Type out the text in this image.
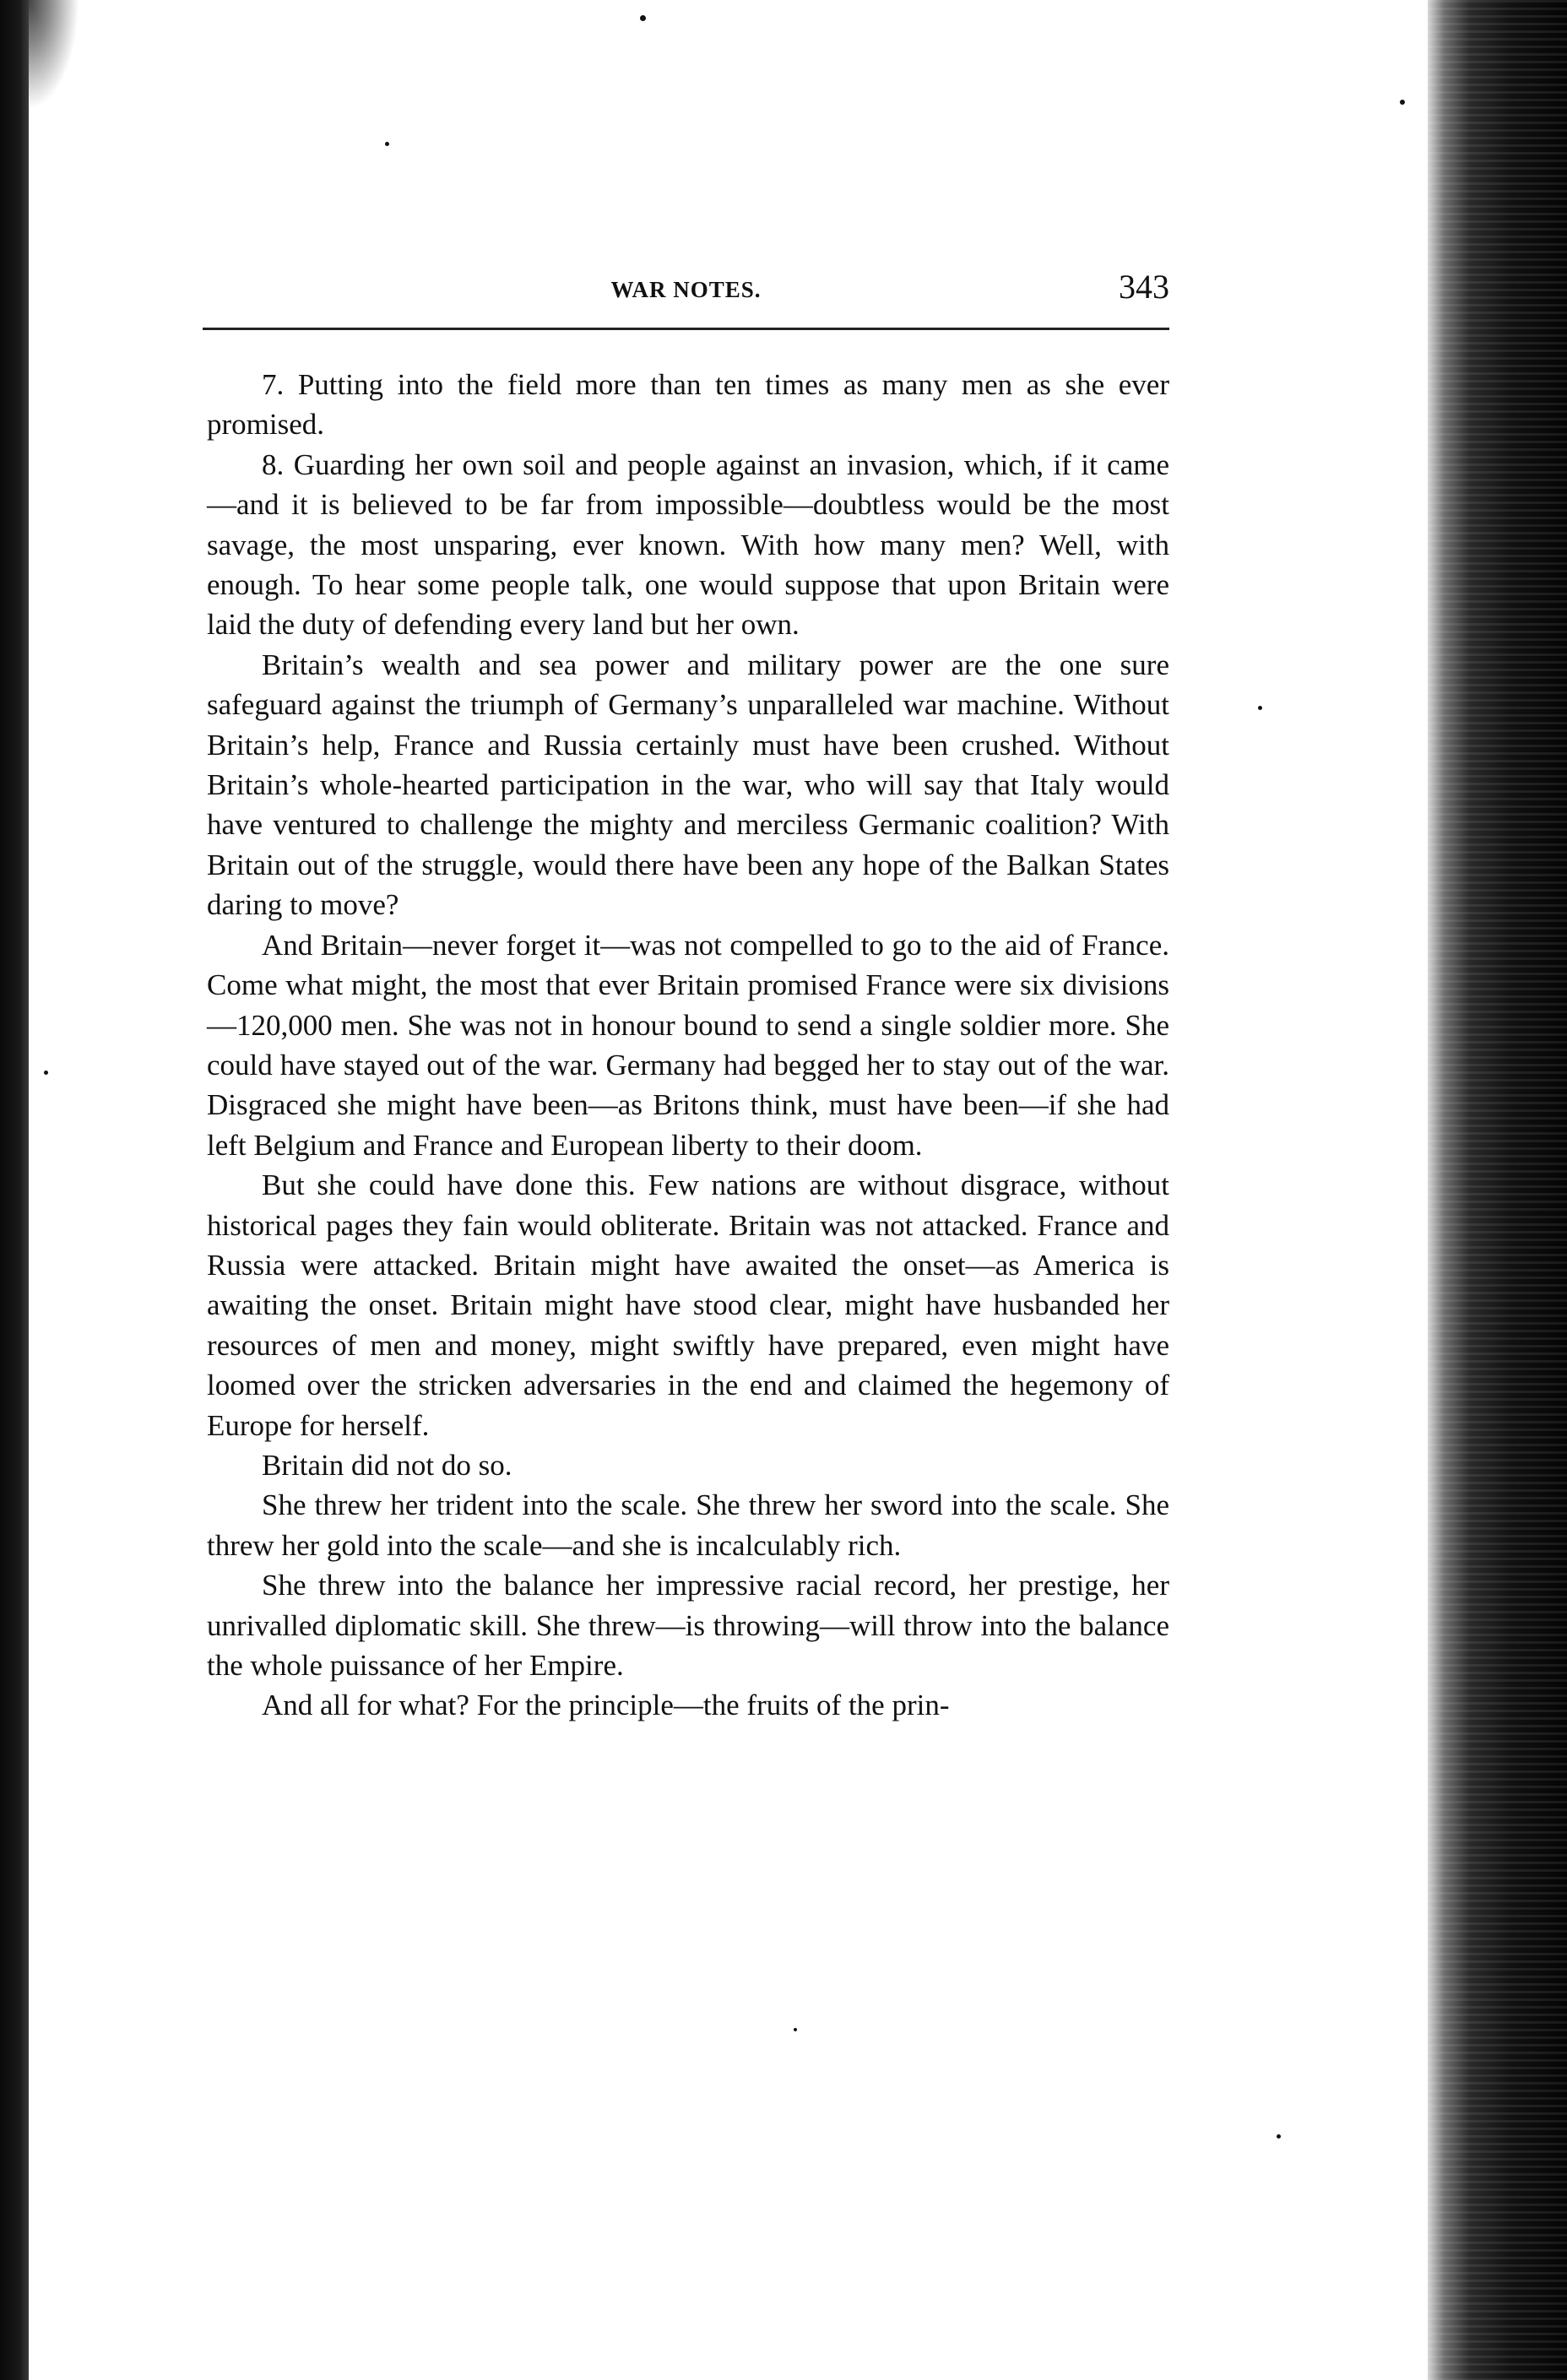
WAR NOTES.	343

7. Putting into the field more than ten times as many men as she ever promised.

8. Guarding her own soil and people against an invasion, which, if it came—and it is believed to be far from impossible—doubtless would be the most savage, the most unsparing, ever known. With how many men? Well, with enough. To hear some people talk, one would suppose that upon Britain were laid the duty of defending every land but her own.

Britain’s wealth and sea power and military power are the one sure safeguard against the triumph of Germany’s unparalleled war machine. Without Britain’s help, France and Russia certainly must have been crushed. Without Britain’s whole-hearted participation in the war, who will say that Italy would have ventured to challenge the mighty and merciless Germanic coalition? With Britain out of the struggle, would there have been any hope of the Balkan States daring to move?

And Britain—never forget it—was not compelled to go to the aid of France. Come what might, the most that ever Britain promised France were six divisions—120,000 men. She was not in honour bound to send a single soldier more. She could have stayed out of the war. Germany had begged her to stay out of the war. Disgraced she might have been—as Britons think, must have been—if she had left Belgium and France and European liberty to their doom.

But she could have done this. Few nations are without disgrace, without historical pages they fain would obliterate. Britain was not attacked. France and Russia were attacked. Britain might have awaited the onset—as America is awaiting the onset. Britain might have stood clear, might have husbanded her resources of men and money, might swiftly have prepared, even might have loomed over the stricken adversaries in the end and claimed the hegemony of Europe for herself.

Britain did not do so.

She threw her trident into the scale. She threw her sword into the scale. She threw her gold into the scale—and she is incalculably rich.

She threw into the balance her impressive racial record, her prestige, her unrivalled diplomatic skill. She threw—is throwing—will throw into the balance the whole puissance of her Empire.

And all for what? For the principle—the fruits of the prin-
